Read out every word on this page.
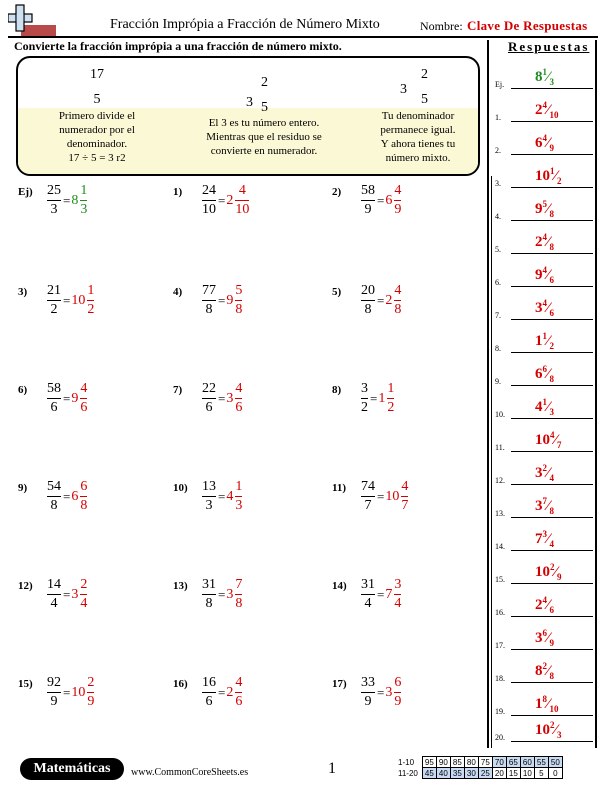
Fracción Imprópia a Fracción de Número Mixto	Nombre: Clave De Respuestas
Convierte la fracción imprópia a una fracción de número mixto.
17
5
Primero divide el
numerador por el
denominador.
17 ÷ 5 = 3 r2
3
2
5
El 3 es tu número entero.
Mientras que el residuo se
convierte en numerador.
3
2
5
Tu denominador
permanece igual.
Y ahora tienes tu
número mixto.
$Ej) \frac{25}{3} = 8 \frac{1}{3}$	1)	$\frac{24}{10} = 2 \frac{4}{10}$	2)	$\frac{58}{9} = 6 \frac{4}{9}$
3)	$\frac{21}{2} = 10 \frac{1}{2}$	4)	$\frac{77}{8} = 9 \frac{5}{8}$	5)	$\frac{20}{8} = 2 \frac{4}{8}$
6)	$\frac{58}{6} = 9 \frac{4}{6}$	7)	$\frac{22}{6} = 3 \frac{4}{6}$	8)	$\frac{3}{2} = 1 \frac{1}{2}$
9)	$\frac{54}{8} = 6 \frac{6}{8}$	$10) \frac{13}{3} = 4 \frac{1}{3}$	$11) \frac{74}{7} = 10 \frac{4}{7}$
$12) \frac{14}{4} = 3 \frac{2}{4}$	$13) \frac{31}{8} = 3 \frac{7}{8}$	$14) \frac{31}{4} = 7 \frac{3}{4}$
$15) \frac{92}{9} = 10 \frac{2}{9}$	$16) \frac{16}{6} = 2 \frac{4}{6}$	$17) \frac{33}{9} = 3 \frac{6}{9}$
Respuestas
Ej. $8^1⁄_3$
1. $2^4⁄_{10}$
2. $6^4⁄_9$
3. $10^1⁄_2$
4. $9^5⁄_8$
5. $2^4⁄_8$
6. $9^4⁄_6$
7. $3^4⁄_6$
8. $1^1⁄_2$
9. $6^6⁄_8$
10. $4^1⁄_3$
11. $10^4⁄_7$
12. $3^2⁄_4$
13. $3^7⁄_8$
14. $7^3⁄_4$
15. $10^2⁄_9$
16. $2^4⁄_6$
17. $3^6⁄_9$
18. $8^2⁄_8$
19. $1^8⁄_{10}$
20. $10^2⁄_3$
Matemáticas	www.CommonCoreSheets.es	1	1-10	95	90	85	80	75	70	65	60	55	50
11-20	45	40	35	30	25	20	15	10	5	0
